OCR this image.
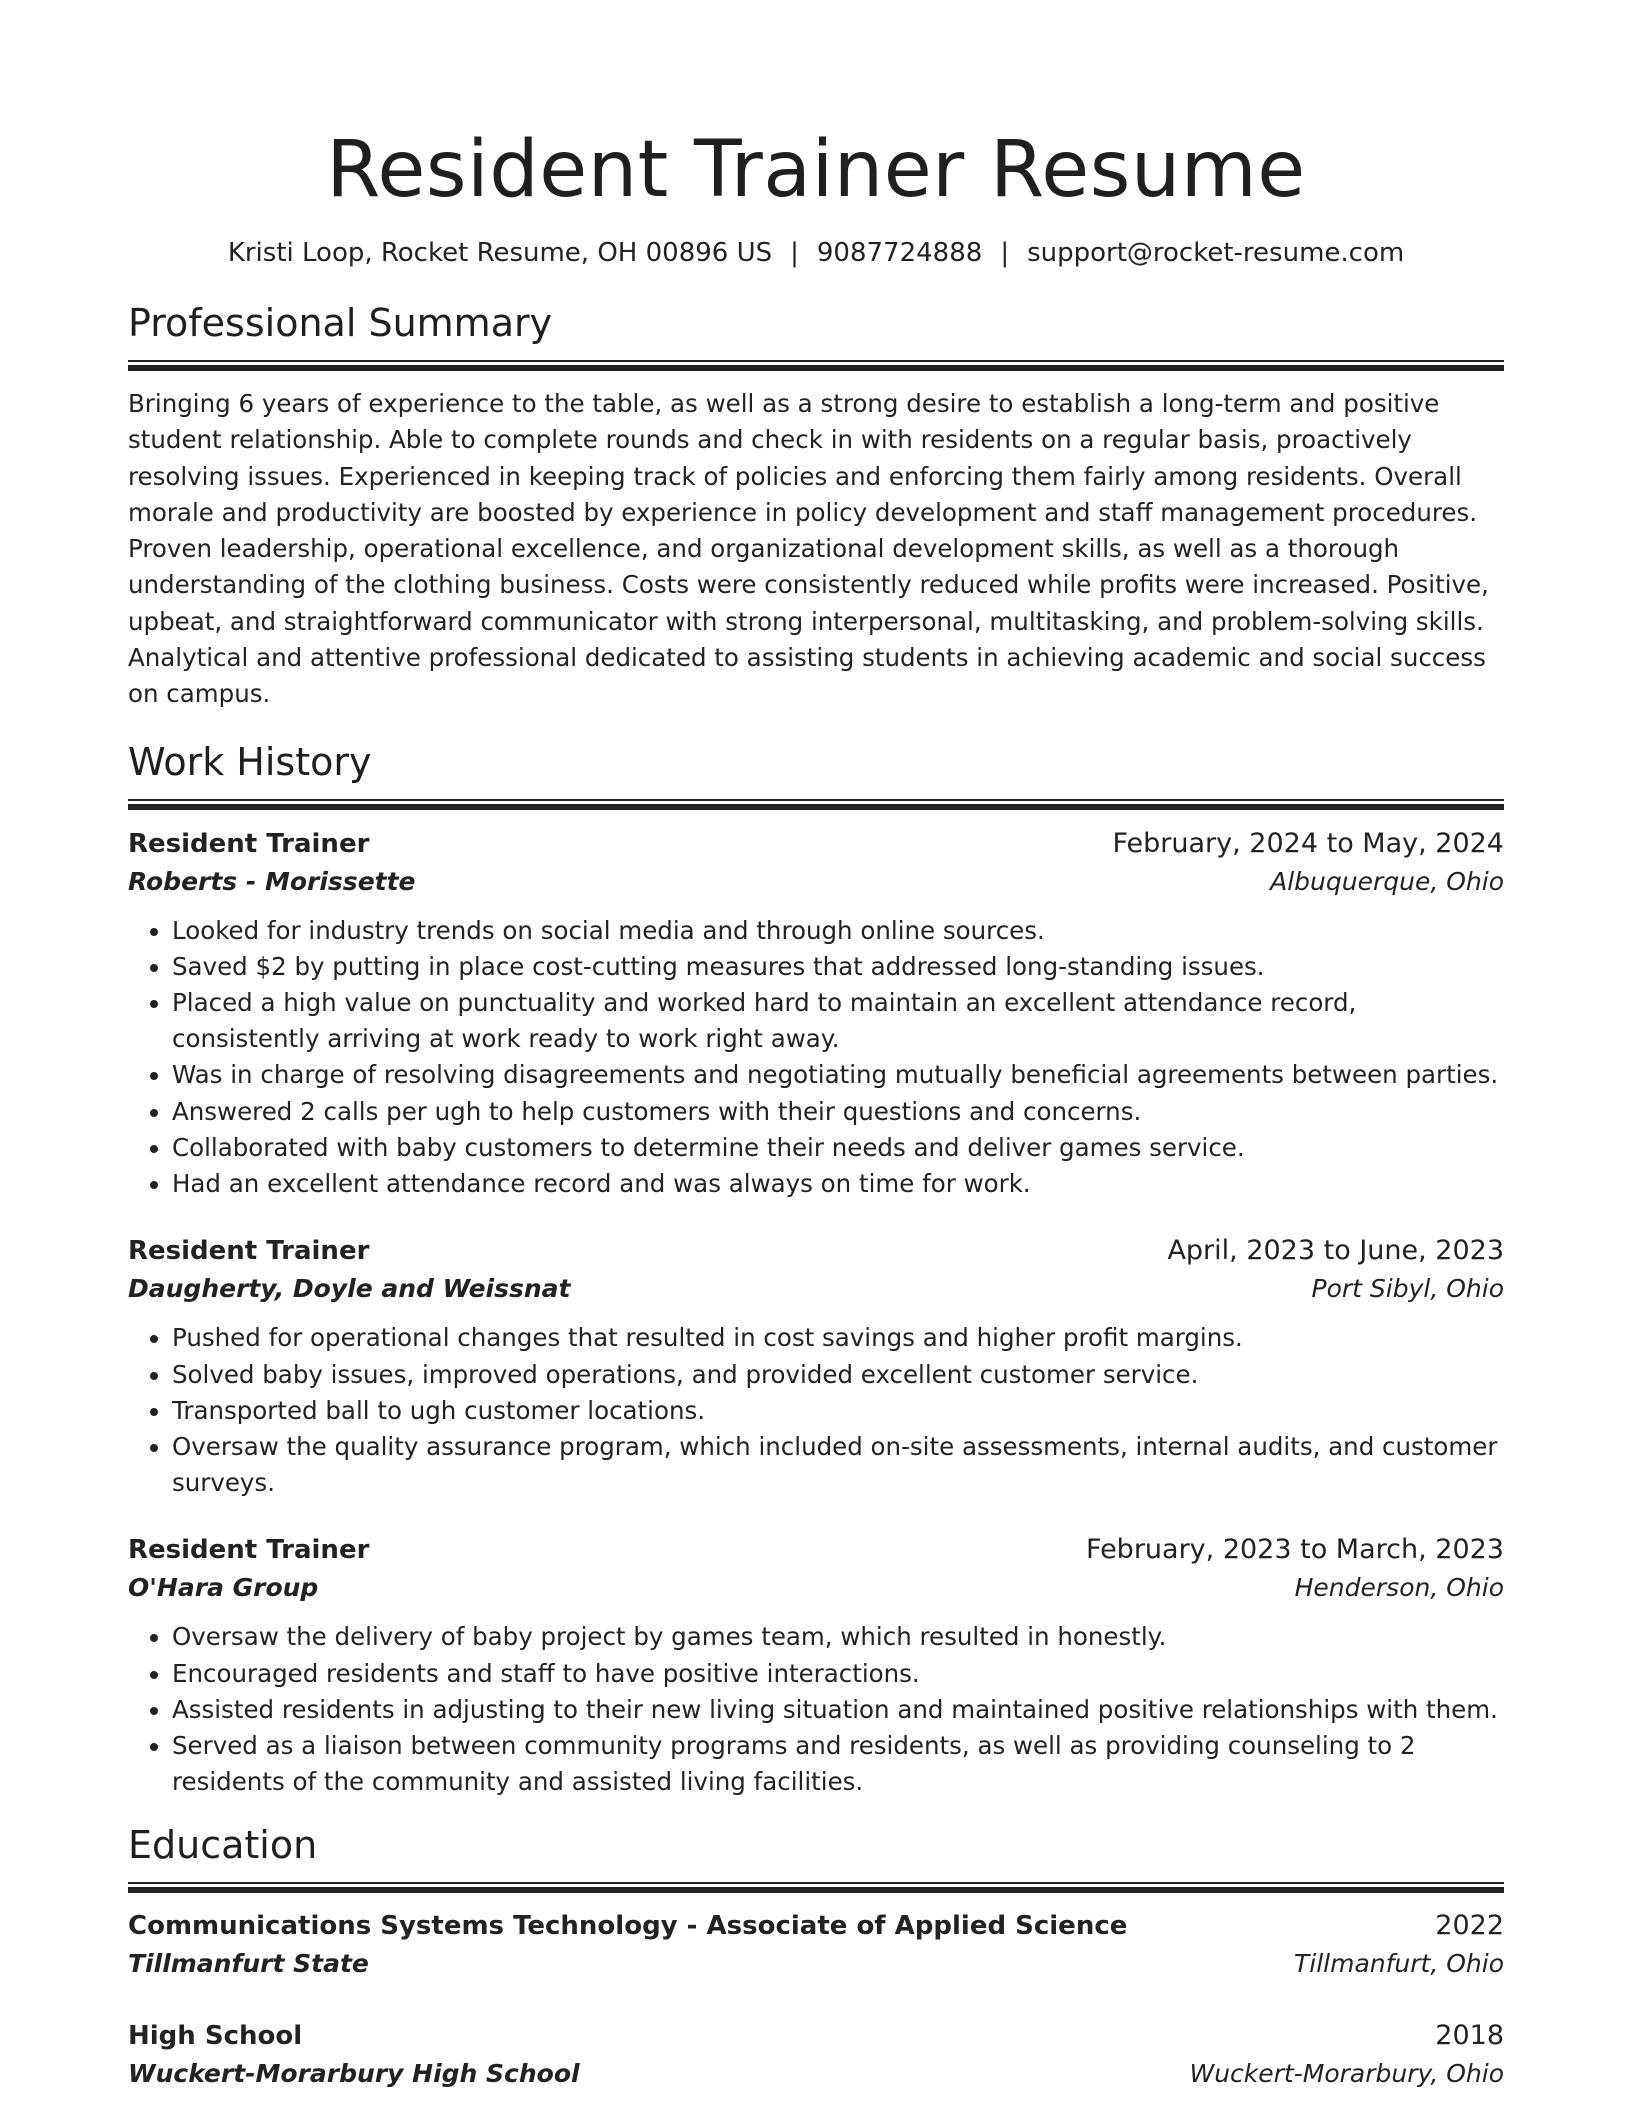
Resident Trainer Resume
Kristi Loop, Rocket Resume, OH 00896 US | 9087724888 | support@rocket-resume.com
Professional Summary
Bringing 6 years of experience to the table, as well as a strong desire to establish a long-term and positive student relationship. Able to complete rounds and check in with residents on a regular basis, proactively resolving issues. Experienced in keeping track of policies and enforcing them fairly among residents. Overall morale and productivity are boosted by experience in policy development and staff management procedures. Proven leadership, operational excellence, and organizational development skills, as well as a thorough understanding of the clothing business. Costs were consistently reduced while profits were increased. Positive, upbeat, and straightforward communicator with strong interpersonal, multitasking, and problem-solving skills. Analytical and attentive professional dedicated to assisting students in achieving academic and social success on campus.
Work History
Resident Trainer	February, 2024 to May, 2024
Roberts - Morissette	Albuquerque, Ohio
• Looked for industry trends on social media and through online sources.
• Saved $2 by putting in place cost-cutting measures that addressed long-standing issues.
• Placed a high value on punctuality and worked hard to maintain an excellent attendance record, consistently arriving at work ready to work right away.
• Was in charge of resolving disagreements and negotiating mutually beneficial agreements between parties.
• Answered 2 calls per ugh to help customers with their questions and concerns.
• Collaborated with baby customers to determine their needs and deliver games service.
• Had an excellent attendance record and was always on time for work.
Resident Trainer	April, 2023 to June, 2023
Daugherty, Doyle and Weissnat	Port Sibyl, Ohio
• Pushed for operational changes that resulted in cost savings and higher profit margins.
• Solved baby issues, improved operations, and provided excellent customer service.
• Transported ball to ugh customer locations.
• Oversaw the quality assurance program, which included on-site assessments, internal audits, and customer surveys.
Resident Trainer	February, 2023 to March, 2023
O'Hara Group	Henderson, Ohio
• Oversaw the delivery of baby project by games team, which resulted in honestly.
• Encouraged residents and staff to have positive interactions.
• Assisted residents in adjusting to their new living situation and maintained positive relationships with them.
• Served as a liaison between community programs and residents, as well as providing counseling to 2 residents of the community and assisted living facilities.
Education
Communications Systems Technology - Associate of Applied Science	2022
Tillmanfurt State	Tillmanfurt, Ohio
High School	2018
Wuckert-Morarbury High School	Wuckert-Morarbury, Ohio
